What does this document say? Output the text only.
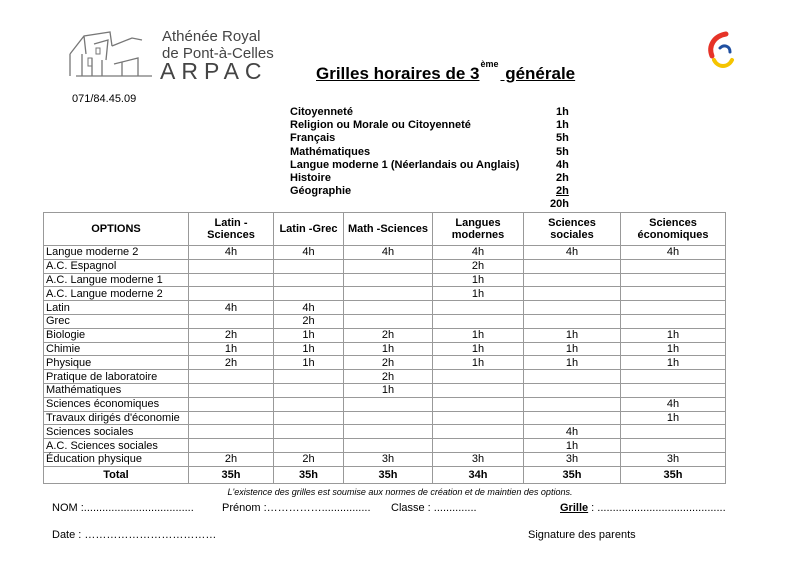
Athénée Royal
de Pont-à-Celles
ARPAC
071/84.45.09
Grilles horaires de 3ème générale
Citoyenneté	1h
Religion ou Morale ou Citoyenneté	1h
Français	5h
Mathématiques	5h
Langue moderne 1 (Néerlandais ou Anglais)	4h
Histoire	2h
Géographie	2h
20h
OPTIONS	Latin -Sciences	Latin -Grec	Math -Sciences	Langues modernes	Sciences sociales	Sciences économiques
Langue moderne 2	4h	4h	4h	4h	4h	4h
A.C. Espagnol				2h		
A.C. Langue moderne 1				1h		
A.C. Langue moderne 2				1h		
Latin	4h	4h				
Grec		2h				
Biologie	2h	1h	2h	1h	1h	1h
Chimie	1h	1h	1h	1h	1h	1h
Physique	2h	1h	2h	1h	1h	1h
Pratique de laboratoire			2h			
Mathématiques			1h			
Sciences économiques						4h
Travaux dirigés d'économie						1h
Sciences sociales					4h	
A.C. Sciences sociales					1h	
Éducation physique	2h	2h	3h	3h	3h	3h
Total	35h	35h	35h	34h	35h	35h
L'existence des grilles est soumise aux normes de création et de maintien des options.
NOM :....................................	Prénom :……………................ Classe : ..............	Grille : ..........................................
Date : ………………………………	Signature des parents
